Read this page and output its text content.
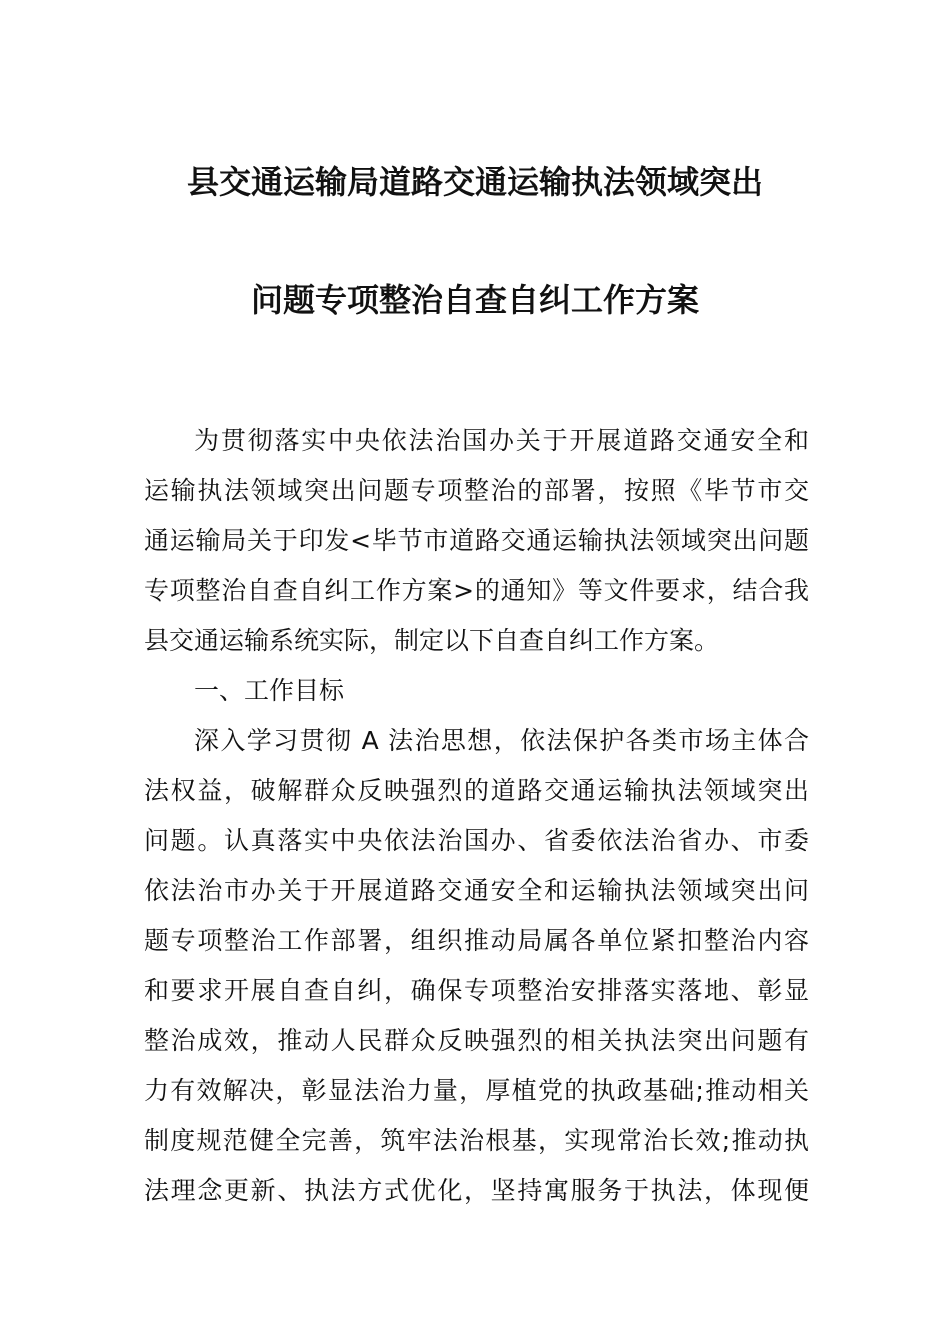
县交通运输局道路交通运输执法领域突出
问题专项整治自查自纠工作方案
为贯彻落实中央依法治国办关于开展道路交通安全和
运输执法领域突出问题专项整治的部署，按照《毕节市交
通运输局关于印发<毕节市道路交通运输执法领域突出问题
专项整治自查自纠工作方案>的通知》等文件要求，结合我
县交通运输系统实际，制定以下自查自纠工作方案。
一、工作目标
深入学习贯彻 A 法治思想，依法保护各类市场主体合
法权益，破解群众反映强烈的道路交通运输执法领域突出
问题。认真落实中央依法治国办、省委依法治省办、市委
依法治市办关于开展道路交通安全和运输执法领域突出问
题专项整治工作部署，组织推动局属各单位紧扣整治内容
和要求开展自查自纠，确保专项整治安排落实落地、彰显
整治成效，推动人民群众反映强烈的相关执法突出问题有
力有效解决，彰显法治力量，厚植党的执政基础;推动相关
制度规范健全完善，筑牢法治根基，实现常治长效;推动执
法理念更新、执法方式优化，坚持寓服务于执法，体现便
